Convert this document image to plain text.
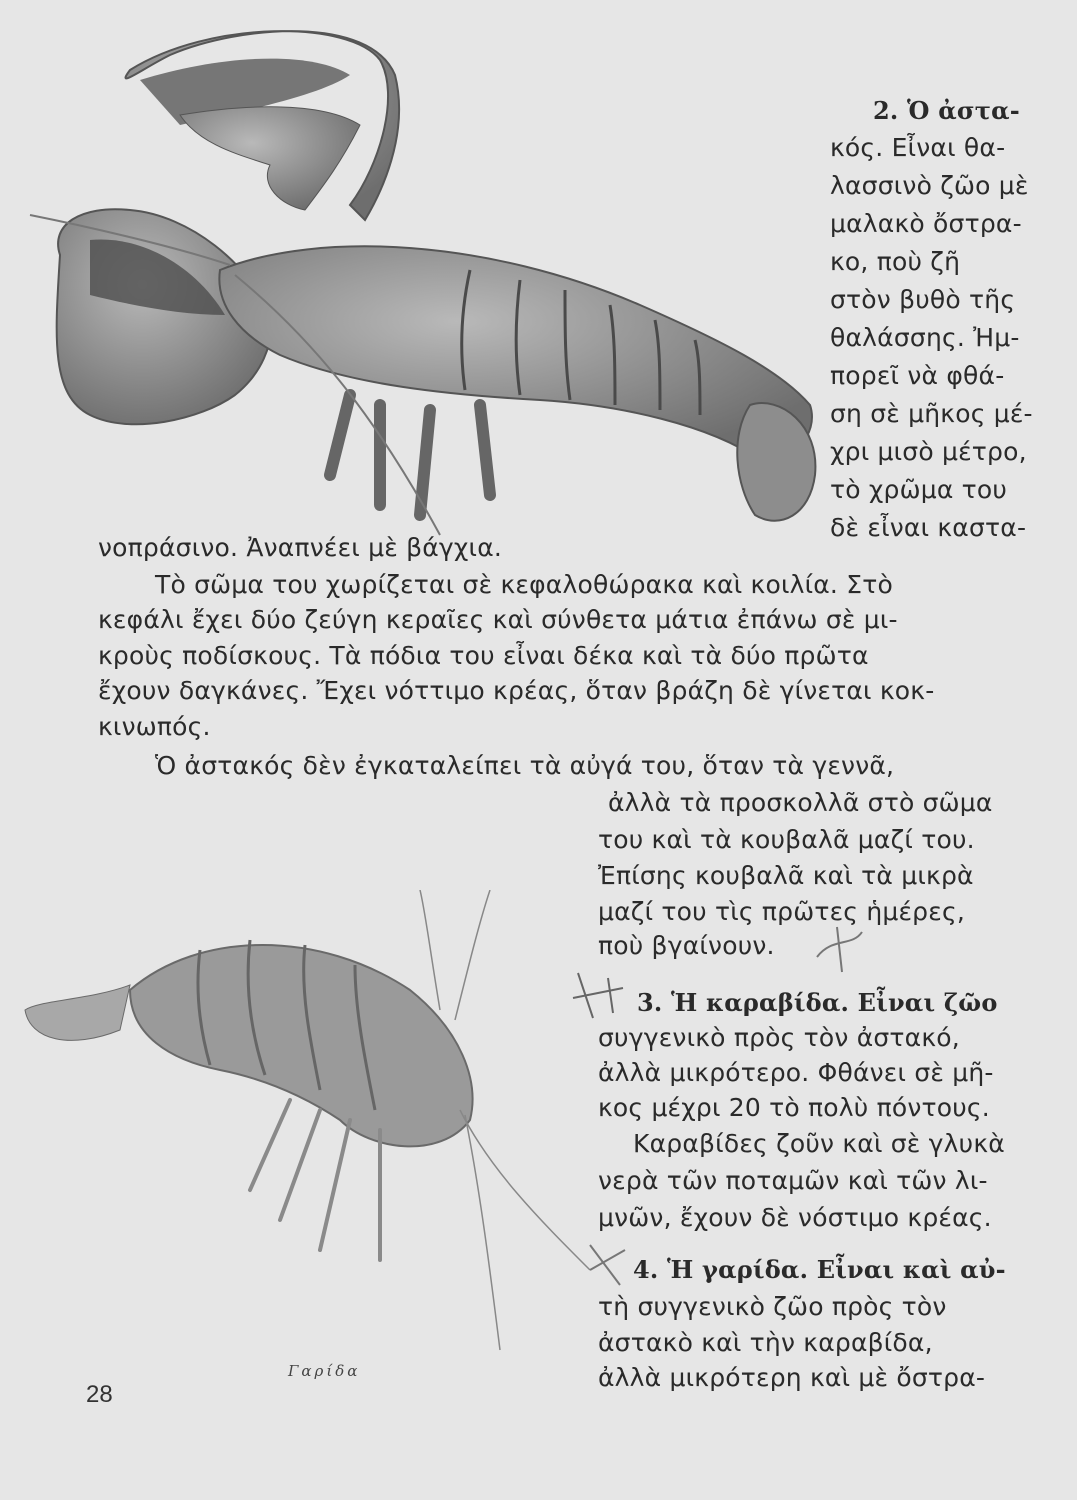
2. Ὁ ἀστα-
κός. Εἶναι θα-
λασσινὸ ζῶο μὲ
μαλακὸ ὄστρα-
κο, ποὺ ζῆ
στὸν βυθὸ τῆς
θαλάσσης. Ἠμ-
πορεῖ νὰ φθά-
ση σὲ μῆκος μέ-
χρι μισὸ μέτρο,
τὸ χρῶμα του
δὲ εἶναι καστα-
νοπράσινο. Ἀναπνέει μὲ βάγχια.
Τὸ σῶμα του χωρίζεται σὲ κεφαλοθώρακα καὶ κοιλία. Στὸ
κεφάλι ἔχει δύο ζεύγη κεραῖες καὶ σύνθετα μάτια ἐπάνω σὲ μι-
κροὺς ποδίσκους. Τὰ πόδια του εἶναι δέκα καὶ τὰ δύο πρῶτα
ἔχουν δαγκάνες. Ἔχει νόττιμο κρέας, ὅταν βράζη δὲ γίνεται κοκ-
κινωπός.
Ὁ ἀστακός δὲν ἐγκαταλείπει τὰ αὐγά του, ὅταν τὰ γεννᾶ,
ἀλλὰ τὰ προσκολλᾶ στὸ σῶμα
του καὶ τὰ κουβαλᾶ μαζί του.
Ἐπίσης κουβαλᾶ καὶ τὰ μικρὰ
μαζί του τὶς πρῶτες ἡμέρες,
ποὺ βγαίνουν.
3. Ἡ καραβίδα. Εἶναι ζῶο
συγγενικὸ πρὸς τὸν ἀστακό,
ἀλλὰ μικρότερο. Φθάνει σὲ μῆ-
κος μέχρι 20 τὸ πολὺ πόντους.
Καραβίδες ζοῦν καὶ σὲ γλυκὰ
νερὰ τῶν ποταμῶν καὶ τῶν λι-
μνῶν, ἔχουν δὲ νόστιμο κρέας.
4. Ἡ γαρίδα. Εἶναι καὶ αὐ-
τὴ συγγενικὸ ζῶο πρὸς τὸν
ἀστακὸ καὶ τὴν καραβίδα,
ἀλλὰ μικρότερη καὶ μὲ ὄστρα-
Γαρίδα
28
